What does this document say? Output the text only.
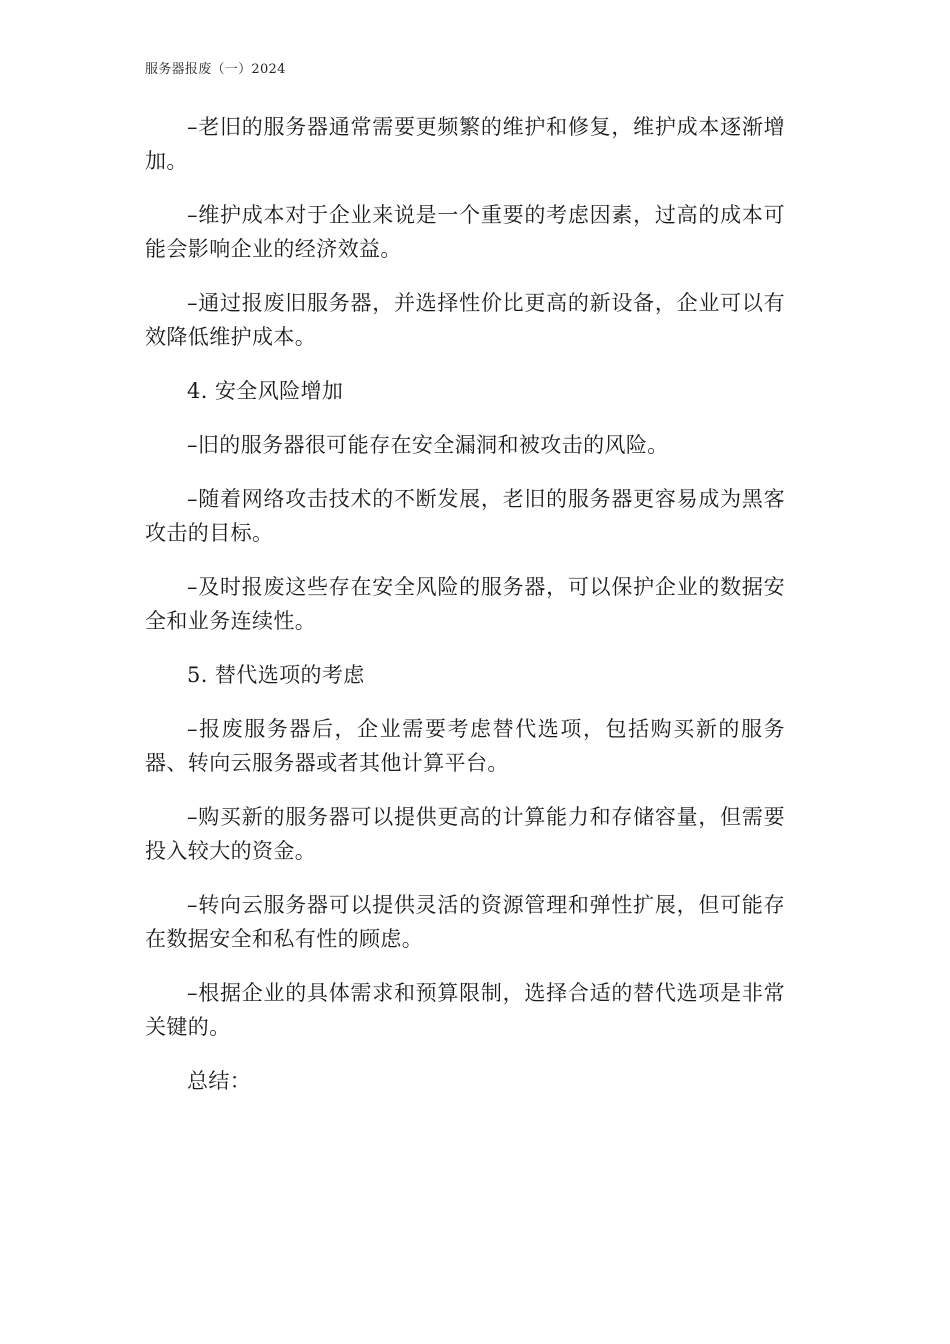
服务器报废（一）2024

–老旧的服务器通常需要更频繁的维护和修复，维护成本逐渐增加。

–维护成本对于企业来说是一个重要的考虑因素，过高的成本可能会影响企业的经济效益。

–通过报废旧服务器，并选择性价比更高的新设备，企业可以有效降低维护成本。

4. 安全风险增加

–旧的服务器很可能存在安全漏洞和被攻击的风险。

–随着网络攻击技术的不断发展，老旧的服务器更容易成为黑客攻击的目标。

–及时报废这些存在安全风险的服务器，可以保护企业的数据安全和业务连续性。

5. 替代选项的考虑

–报废服务器后，企业需要考虑替代选项，包括购买新的服务器、转向云服务器或者其他计算平台。

–购买新的服务器可以提供更高的计算能力和存储容量，但需要投入较大的资金。

–转向云服务器可以提供灵活的资源管理和弹性扩展，但可能存在数据安全和私有性的顾虑。

–根据企业的具体需求和预算限制，选择合适的替代选项是非常关键的。

总结：
